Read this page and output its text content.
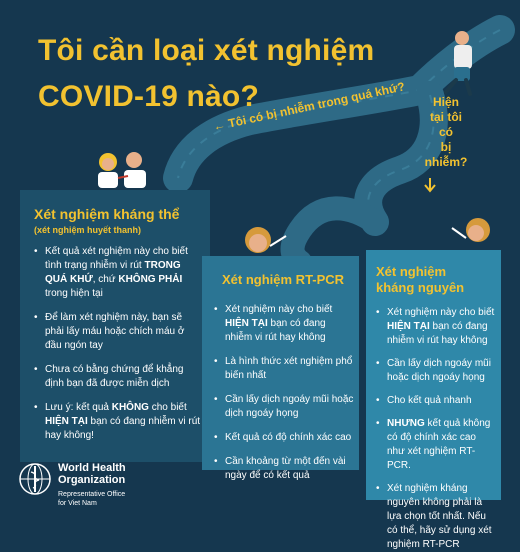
Tôi cần loại xét nghiệm
COVID-19 nào?
← Tôi có bị nhiễm trong quá khứ?	Hiện
tại tôi
có
bị
nhiễm?
Xét nghiệm kháng thể
(xét nghiệm huyết thanh)
• Kết quả xét nghiệm này cho biết tình trạng nhiễm vi rút TRONG QUÁ KHỨ, chứ KHÔNG PHẢI trong hiện tại
• Để làm xét nghiệm này, bạn sẽ phải lấy máu hoặc chích máu ở đầu ngón tay
• Chưa có bằng chứng để khẳng định bạn đã được miễn dịch
• Lưu ý: kết quả KHÔNG cho biết HIỆN TẠI bạn có đang nhiễm vi rút hay không!
Xét nghiệm RT-PCR
• Xét nghiệm này cho biết HIỆN TẠI bạn có đang nhiễm vi rút hay không
• Là hình thức xét nghiệm phổ biến nhất
• Cần lấy dịch ngoáy mũi hoặc dịch ngoáy họng
• Kết quả có độ chính xác cao
• Cần khoảng từ một đến vài ngày để có kết quả
Xét nghiệm
kháng nguyên
• Xét nghiệm này cho biết HIỆN TẠI bạn có đang nhiễm vi rút hay không
• Cần lấy dịch ngoáy mũi hoặc dịch ngoáy họng
• Cho kết quả nhanh
• NHƯNG kết quả không có độ chính xác cao như xét nghiệm RT-PCR.
• Xét nghiệm kháng nguyên không phải là lựa chọn tốt nhất. Nếu có thể, hãy sử dụng xét nghiệm RT-PCR
World Health
Organization
Representative Office
for Viet Nam
